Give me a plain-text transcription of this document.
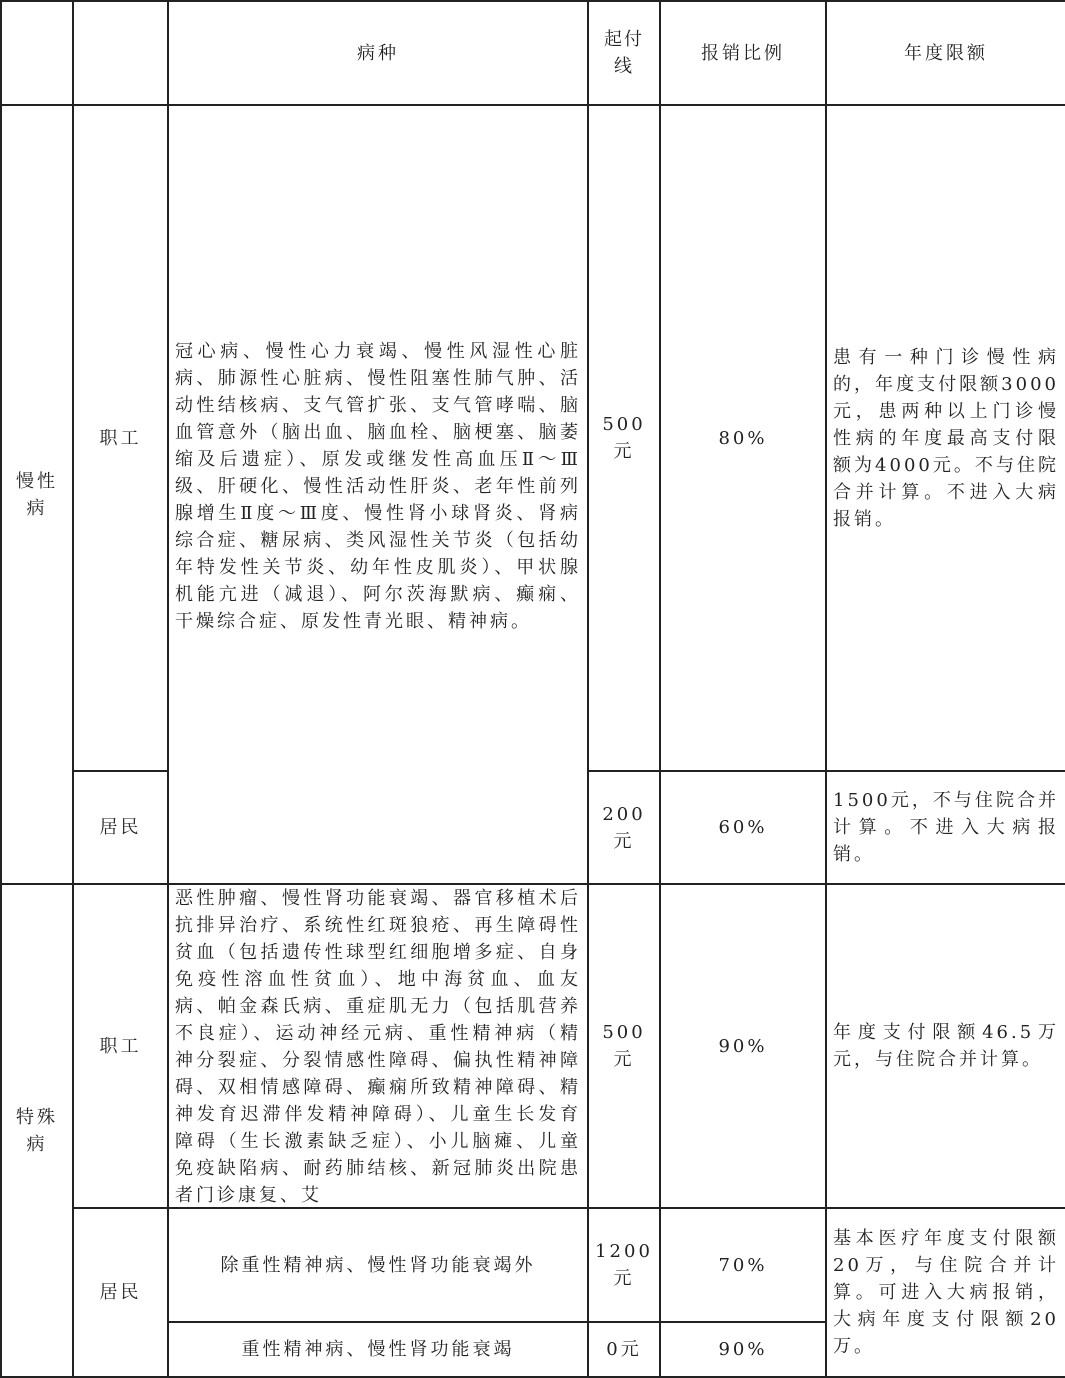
		病种	起付线	报销比例	年度限额
慢性病	职工	冠心病、慢性心力衰竭、慢性风湿性心脏病、肺源性心脏病、慢性阻塞性肺气肿、活动性结核病、支气管扩张、支气管哮喘、脑血管意外（脑出血、脑血栓、脑梗塞、脑萎缩及后遗症）、原发或继发性高血压Ⅱ～Ⅲ级、肝硬化、慢性活动性肝炎、老年性前列腺增生Ⅱ度～Ⅲ度、慢性肾小球肾炎、肾病综合症、糖尿病、类风湿性关节炎（包括幼年特发性关节炎、幼年性皮肌炎）、甲状腺机能亢进（减退）、阿尔茨海默病、癫痫、干燥综合症、原发性青光眼、精神病。	500元	80%	患有一种门诊慢性病的，年度支付限额3000元，患两种以上门诊慢性病的年度最高支付限额为4000元。不与住院合并计算。不进入大病报销。
	居民		200元	60%	1500元，不与住院合并计算。不进入大病报销。
特殊病	职工	恶性肿瘤、慢性肾功能衰竭、器官移植术后抗排异治疗、系统性红斑狼疮、再生障碍性贫血（包括遗传性球型红细胞增多症、自身免疫性溶血性贫血）、地中海贫血、血友病、帕金森氏病、重症肌无力（包括肌营养不良症）、运动神经元病、重性精神病（精神分裂症、分裂情感性障碍、偏执性精神障碍、双相情感障碍、癫痫所致精神障碍、精神发育迟滞伴发精神障碍）、儿童生长发育障碍（生长激素缺乏症）、小儿脑瘫、儿童免疫缺陷病、耐药肺结核、新冠肺炎出院患者门诊康复、艾	500元	90%	年度支付限额46.5万元，与住院合并计算。
	居民	除重性精神病、慢性肾功能衰竭外	1200元	70%	基本医疗年度支付限额20万，与住院合并计算。可进入大病报销，大病年度支付限额20万。
		重性精神病、慢性肾功能衰竭	0元	90%	
